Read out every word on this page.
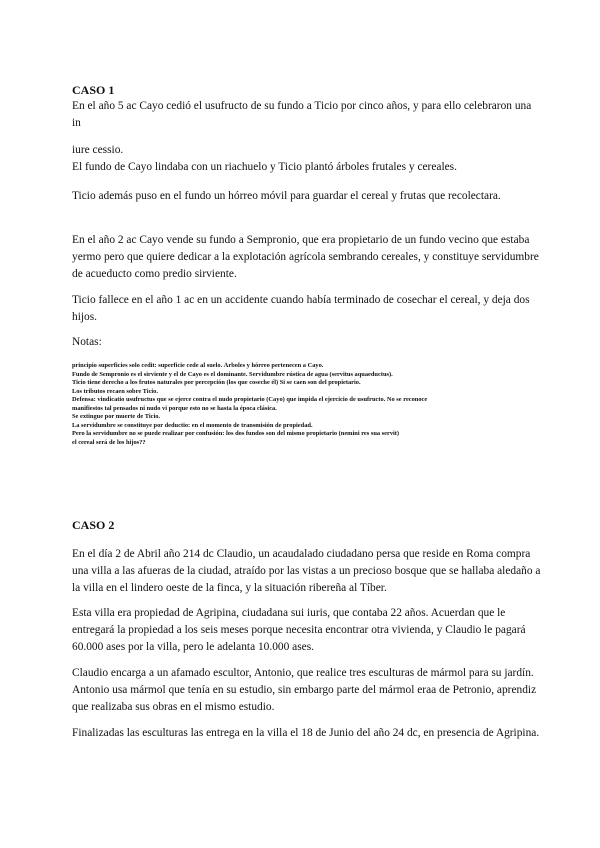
CASO 1
En el año 5 ac Cayo cedió el usufructo de su fundo a Ticio por cinco años, y para ello celebraron una in
iure cessio.
El fundo de Cayo lindaba con un riachuelo y Ticio plantó árboles frutales y cereales.
Ticio además puso en el fundo un hórreo móvil para guardar el cereal y frutas que recolectara.
En el año 2 ac Cayo vende su fundo a Sempronio, que era propietario de un fundo vecino que estaba yermo pero que quiere dedicar a la explotación agrícola sembrando cereales, y constituye servidumbre de acueducto como predio sirviente.
Ticio fallece en el año 1 ac en un accidente cuando había terminado de cosechar el cereal, y deja dos hijos.
Notas:
principio superficies solo cedit: superficie cede al suelo. Árboles y hórreo pertenecen a Cayo.
Fundo de Sempronio es el sirviente y el de Cayo es el dominante. Servidumbre rústica de agua (servitus aquaeductus).
Ticio tiene derecho a los frutos naturales por percepción (los que coseche él) Si se caen son del propietario.
Los tributos recaen sobre Ticio.
Defensa: vindicatio usufructus que se ejerce contra el nudo propietario (Cayo) que impida el ejercicio de usufructo. No se reconoce
manifiestos tal pensados ni nudo vi porque esto no se hasta la época clásica.
Se extingue por muerte de Ticio.
La servidumbre se constituye por deductio: en el momento de transmisión de propiedad.
Pero la servidumbre no se puede realizar por confusión: los dos fundos son del mismo propietario (nemini res sua servit)
el cereal será de los hijos??
CASO 2
En el día 2 de Abril año 214 dc Claudio, un acaudalado ciudadano persa que reside en Roma compra una villa a las afueras de la ciudad, atraído por las vistas a un precioso bosque que se hallaba aledaño a la villa en el lindero oeste de la finca, y la situación ribereña al Tíber.
Esta villa era propiedad de Agripina, ciudadana sui iuris, que contaba 22 años. Acuerdan que le entregará la propiedad a los seis meses porque necesita encontrar otra vivienda, y Claudio le pagará 60.000 ases por la villa, pero le adelanta 10.000 ases.
Claudio encarga a un afamado escultor, Antonio, que realice tres esculturas de mármol para su jardín. Antonio usa mármol que tenía en su estudio, sin embargo parte del mármol eraa de Petronio, aprendiz que realizaba sus obras en el mismo estudio.
Finalizadas las esculturas las entrega en la villa el 18 de Junio del año 24 dc, en presencia de Agripina.
